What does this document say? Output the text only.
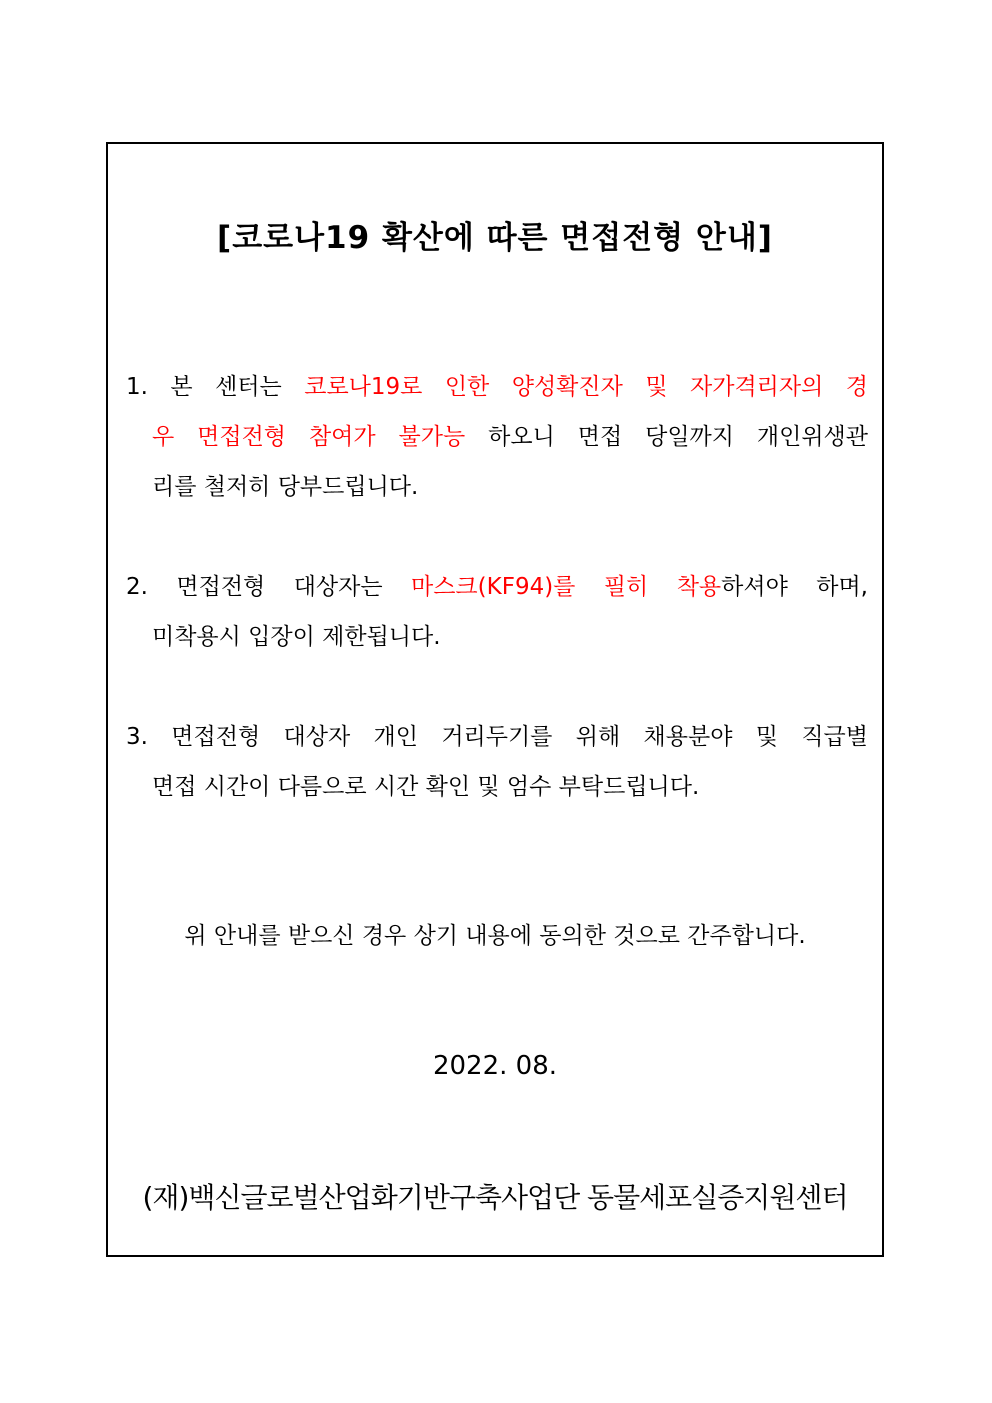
[코로나19 확산에 따른 면접전형 안내]
1. 본 센터는 코로나19로 인한 양성확진자 및 자가격리자의 경
우 면접전형 참여가 불가능 하오니 면접 당일까지 개인위생관
리를 철저히 당부드립니다.
2. 면접전형 대상자는 마스크(KF94)를 필히 착용하셔야 하며,
미착용시 입장이 제한됩니다.
3. 면접전형 대상자 개인 거리두기를 위해 채용분야 및 직급별
면접 시간이 다름으로 시간 확인 및 엄수 부탁드립니다.
위 안내를 받으신 경우 상기 내용에 동의한 것으로 간주합니다.
2022. 08.
(재)백신글로벌산업화기반구축사업단 동물세포실증지원센터
